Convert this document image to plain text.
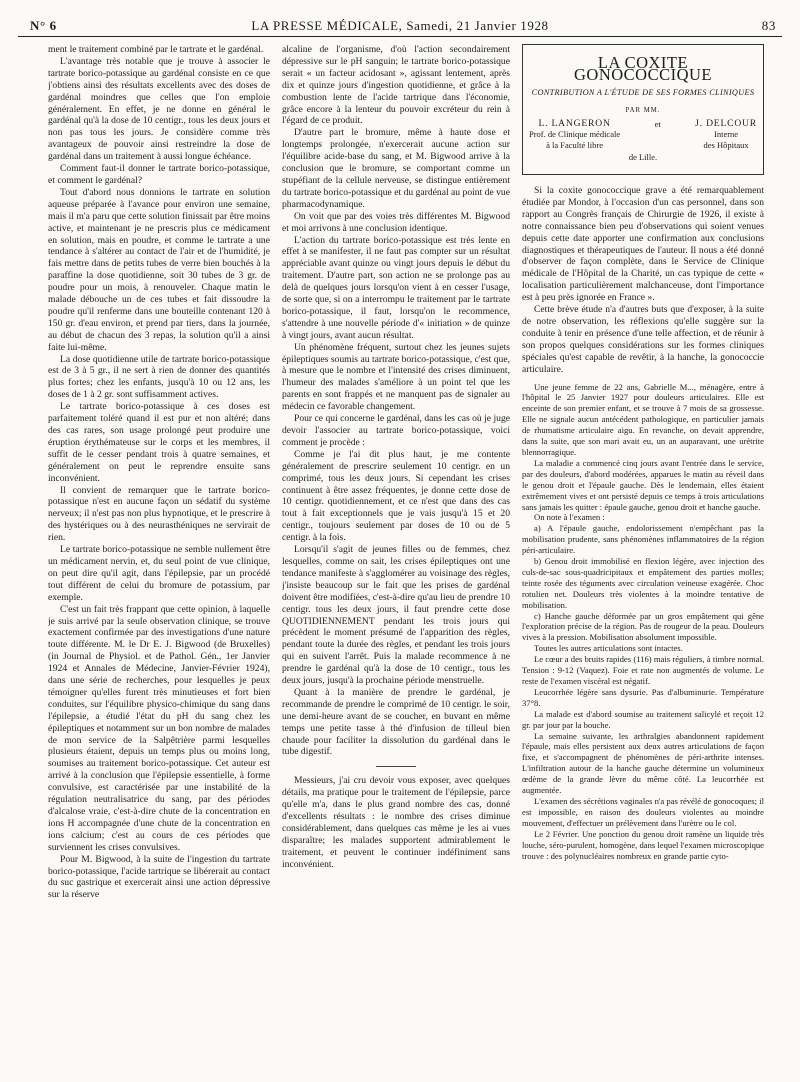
N° 6	LA PRESSE MÉDICALE, Samedi, 21 Janvier 1928	83

ment le traitement combiné par le tartrate et le gardénal.

L'avantage très notable que je trouve à associer le tartrate borico-potassique au gardénal consiste en ce que j'obtiens ainsi des résultats excellents avec des doses de gardénal moindres que celles que l'on emploie généralement. En effet, je ne donne en général le gardénal qu'à la dose de 10 centigr., tous les deux jours et non pas tous les jours. Je considère comme très avantageux de pouvoir ainsi restreindre la dose de gardénal dans un traitement à aussi longue échéance.

Comment faut-il donner le tartrate borico-potassique, et comment le gardénal?

Tout d'abord nous donnions le tartrate en solution aqueuse préparée à l'avance pour environ une semaine, mais il m'a paru que cette solution finissait par être moins active, et maintenant je ne prescris plus ce médicament en solution, mais en poudre, et comme le tartrate a une tendance à s'altérer au contact de l'air et de l'humidité, je fais mettre dans de petits tubes de verre bien bouchés à la paraffine la dose quotidienne, soit 30 tubes de 3 gr. de poudre pour un mois, à renouveler. Chaque matin le malade débouche un de ces tubes et fait dissoudre la poudre qu'il renferme dans une bouteille contenant 120 à 150 gr. d'eau environ, et prend par tiers, dans la journée, au début de chacun des 3 repas, la solution qu'il a ainsi faite lui-même.

La dose quotidienne utile de tartrate borico-potassique est de 3 à 5 gr., il ne sert à rien de donner des quantités plus fortes; chez les enfants, jusqu'à 10 ou 12 ans, les doses de 1 à 2 gr. sont suffisamment actives.

Le tartrate borico-potassique à ces doses est parfaitement toléré quand il est pur et non altéré; dans des cas rares, son usage prolongé peut produire une éruption érythémateuse sur le corps et les membres, il suffit de le cesser pendant trois à quatre semaines, et généralement on peut le reprendre ensuite sans inconvénient.

Il convient de remarquer que le tartrate borico-potassique n'est en aucune façon un sédatif du système nerveux; il n'est pas non plus hypnotique, et le prescrire à des hystériques ou à des neurasthéniques ne servirait de rien.

Le tartrate borico-potassique ne semble nullement être un médicament nervin, et, du seul point de vue clinique, on peut dire qu'il agit, dans l'épilepsie, par un procédé tout différent de celui du bromure de potassium, par exemple.

C'est un fait très frappant que cette opinion, à laquelle je suis arrivé par la seule observation clinique, se trouve exactement confirmée par des investigations d'une nature toute différente. M. le Dr E. J. Bigwood (de Bruxelles) (in Journal de Physiol. et de Pathol. Gén., 1er Janvier 1924 et Annales de Médecine, Janvier-Février 1924), dans une série de recherches, pour lesquelles je peux témoigner qu'elles furent très minutieuses et fort bien conduites, sur l'équilibre physico-chimique du sang dans l'épilepsie, a étudié l'état du pH du sang chez les épileptiques et notamment sur un bon nombre de malades de mon service de la Salpêtrière parmi lesquelles plusieurs étaient, depuis un temps plus ou moins long, soumises au traitement borico-potassique. Cet auteur est arrivé à la conclusion que l'épilepsie essentielle, à forme convulsive, est caractérisée par une instabilité de la régulation neutralisatrice du sang, par des périodes d'alcalose vraie, c'est-à-dire chute de la concentration en ions H accompagnée d'une chute de la concentration en ions calcium; c'est au cours de ces périodes que surviennent les crises convulsives.

Pour M. Bigwood, à la suite de l'ingestion du tartrate borico-potassique, l'acide tartrique se libérerait au contact du suc gastrique et exercerait ainsi une action dépressive sur la réserve

alcaline de l'organisme, d'où l'action secondairement dépressive sur le pH sanguin; le tartrate borico-potassique serait « un facteur acidosant », agissant lentement, après dix et quinze jours d'ingestion quotidienne, et grâce à la combustion lente de l'acide tartrique dans l'économie, grâce encore à la lenteur du pouvoir excréteur du rein à l'égard de ce produit.

D'autre part le bromure, même à haute dose et longtemps prolongée, n'exercerait aucune action sur l'équilibre acide-base du sang, et M. Bigwood arrive à la conclusion que le bromure, se comportant comme un stupéfiant de la cellule nerveuse, se distingue entièrement du tartrate borico-potassique et du gardénal au point de vue pharmacodynamique.

On voit que par des voies très différentes M. Bigwood et moi arrivons à une conclusion identique.

L'action du tartrate borico-potassique est très lente en effet à se manifester, il ne faut pas compter sur un résultat appréciable avant quinze ou vingt jours depuis le début du traitement. D'autre part, son action ne se prolonge pas au delà de quelques jours lorsqu'on vient à en cesser l'usage, de sorte que, si on a interrompu le traitement par le tartrate borico-potassique, il faut, lorsqu'on le recommence, s'attendre à une nouvelle période d'« initiation » de quinze à vingt jours, avant aucun résultat.

Un phénomène fréquent, surtout chez les jeunes sujets épileptiques soumis au tartrate borico-potassique, c'est que, à mesure que le nombre et l'intensité des crises diminuent, l'humeur des malades s'améliore à un point tel que les parents en sont frappés et ne manquent pas de signaler au médecin ce favorable changement.

Pour ce qui concerne le gardénal, dans les cas où je juge devoir l'associer au tartrate borico-potassique, voici comment je procède :

Comme je l'ai dit plus haut, je me contente généralement de prescrire seulement 10 centigr. en un comprimé, tous les deux jours. Si cependant les crises continuent à être assez fréquentes, je donne cette dose de 10 centigr. quotidiennement, et ce n'est que dans des cas tout à fait exceptionnels que je vais jusqu'à 15 et 20 centigr., toujours seulement par doses de 10 ou de 5 centigr. à la fois.

Lorsqu'il s'agit de jeunes filles ou de femmes, chez lesquelles, comme on sait, les crises épileptiques ont une tendance manifeste à s'agglomérer au voisinage des règles, j'insiste beaucoup sur le fait que les prises de gardénal doivent être modifiées, c'est-à-dire qu'au lieu de prendre 10 centigr. tous les deux jours, il faut prendre cette dose QUOTIDIENNEMENT pendant les trois jours qui précèdent le moment présumé de l'apparition des règles, pendant toute la durée des règles, et pendant les trois jours qui en suivent l'arrêt. Puis la malade recommence à ne prendre le gardénal qu'à la dose de 10 centigr., tous les deux jours, jusqu'à la prochaine période menstruelle.

Quant à la manière de prendre le gardénal, je recommande de prendre le comprimé de 10 centigr. le soir, une demi-heure avant de se coucher, en buvant en même temps une petite tasse à thé d'infusion de tilleul bien chaude pour faciliter la dissolution du gardénal dans le tube digestif.

Messieurs, j'ai cru devoir vous exposer, avec quelques détails, ma pratique pour le traitement de l'épilepsie, parce qu'elle m'a, dans le plus grand nombre des cas, donné d'excellents résultats : le nombre des crises diminue considérablement, dans quelques cas même je les ai vues disparaître; les malades supportent admirablement le traitement, et peuvent le continuer indéfiniment sans inconvénient.

LA COXITE GONOCOCCIQUE
CONTRIBUTION A L'ÉTUDE DE SES FORMES CLINIQUES
PAR MM.
L. LANGERON
Prof. de Clinique médicale
à la Faculté libre
et	J. DELCOUR
Interne
des Hôpitaux
de Lille.

Si la coxite gonococcique grave a été remarquablement étudiée par Mondor, à l'occasion d'un cas personnel, dans son rapport au Congrès français de Chirurgie de 1926, il existe à notre connaissance bien peu d'observations qui soient venues depuis cette date apporter une confirmation aux conclusions diagnostiques et thérapeutiques de l'auteur. Il nous a été donné d'observer de façon complète, dans le Service de Clinique médicale de l'Hôpital de la Charité, un cas typique de cette « localisation particulièrement malchanceuse, dont l'importance est à peu près ignorée en France ».

Cette brève étude n'a d'autres buts que d'exposer, à la suite de notre observation, les réflexions qu'elle suggère sur la conduite à tenir en présence d'une telle affection, et de réunir à son propos quelques considérations sur les formes cliniques spéciales qu'est capable de revêtir, à la hanche, la gonococcie articulaire.

Une jeune femme de 22 ans, Gabrielle M..., ménagère, entre à l'hôpital le 25 Janvier 1927 pour douleurs articulaires. Elle est enceinte de son premier enfant, et se trouve à 7 mois de sa grossesse. Elle ne signale aucun antécédent pathologique, en particulier jamais de rhumatisme articulaire aigu. En revanche, on devait apprendre, dans la suite, que son mari avait eu, un an auparavant, une urétrite blennorragique.

La maladie a commencé cinq jours avant l'entrée dans le service, par des douleurs, d'abord modérées, apparues le matin au réveil dans le genou droit et l'épaule gauche. Dès le lendemain, elles étaient extrêmement vives et ont persisté depuis ce temps à trois articulations sans jamais les quitter : épaule gauche, genou droit et hanche gauche.

On note à l'examen :

a) A l'épaule gauche, endolorissement n'empêchant pas la mobilisation prudente, sans phénomènes inflammatoires de la région péri-articulaire.

b) Genou droit immobilisé en flexion légère, avec injection des culs-de-sac sous-quadricipitaux et empâtement des parties molles; teinte rosée des téguments avec circulation veineuse exagérée. Choc rotulien net. Douleurs très violentes à la moindre tentative de mobilisation.

c) Hanche gauche déformée par un gros empâtement qui gêne l'exploration précise de la région. Pas de rougeur de la peau. Douleurs vives à la pression. Mobilisation absolument impossible.

Toutes les autres articulations sont intactes.

Le cœur a des bruits rapides (116) mais réguliers, à timbre normal. Tension : 9-12 (Vaquez). Foie et rate non augmentés de volume. Le reste de l'examen viscéral est négatif.

Leucorrhée légère sans dysurie. Pas d'albuminurie. Température 37°8.

La malade est d'abord soumise au traitement salicylé et reçoit 12 gr. par jour par la bouche.

La semaine suivante, les arthralgies abandonnent rapidement l'épaule, mais elles persistent aux deux autres articulations de façon fixe, et s'accompagnent de phénomènes de péri-arthrite intenses. L'infiltration autour de la hanche gauche détermine un volumineux œdème de la grande lèvre du même côté. La leucorrhée est augmentée.

L'examen des sécrétions vaginales n'a pas révélé de gonocoques; il est impossible, en raison des douleurs violentes au moindre mouvement, d'effectuer un prélèvement dans l'urètre ou le col.

Le 2 Février. Une ponction du genou droit ramène un liquide très louche, séro-purulent, homogène, dans lequel l'examen microscopique trouve : des polynucléaires nombreux en grande partie cyto-
